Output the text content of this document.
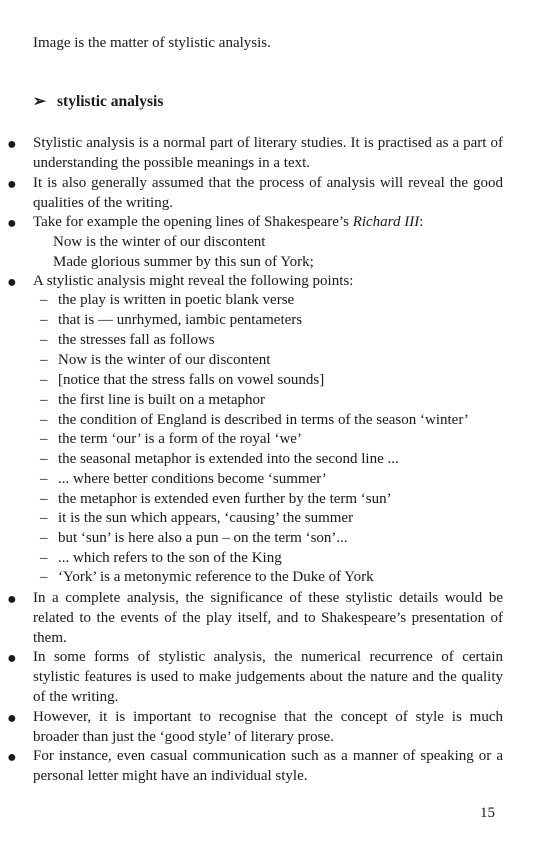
Image is the matter of stylistic analysis.
➢ stylistic analysis
● Stylistic analysis is a normal part of literary studies. It is practised as a part of understanding the possible meanings in a text.
● It is also generally assumed that the process of analysis will reveal the good qualities of the writing.
● Take for example the opening lines of Shakespeare’s Richard III:
Now is the winter of our discontent
Made glorious summer by this sun of York;
● A stylistic analysis might reveal the following points:
– the play is written in poetic blank verse
– that is — unrhymed, iambic pentameters
– the stresses fall as follows
– Now is the winter of our discontent
– [notice that the stress falls on vowel sounds]
– the first line is built on a metaphor
– the condition of England is described in terms of the season ‘winter’
– the term ‘our’ is a form of the royal ‘we’
– the seasonal metaphor is extended into the second line ...
– ... where better conditions become ‘summer’
– the metaphor is extended even further by the term ‘sun’
– it is the sun which appears, ‘causing’ the summer
– but ‘sun’ is here also a pun – on the term ‘son’...
– ... which refers to the son of the King
– ‘York’ is a metonymic reference to the Duke of York
● In a complete analysis, the significance of these stylistic details would be related to the events of the play itself, and to Shakespeare’s presentation of them.
● In some forms of stylistic analysis, the numerical recurrence of certain stylistic features is used to make judgements about the nature and the quality of the writing.
● However, it is important to recognise that the concept of style is much broader than just the ‘good style’ of literary prose.
● For instance, even casual communication such as a manner of speaking or a personal letter might have an individual style.
15
